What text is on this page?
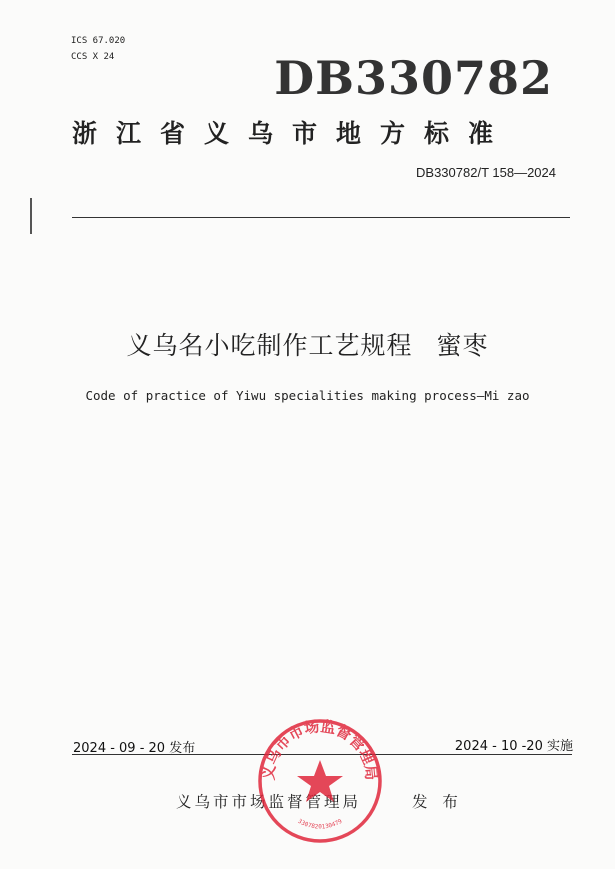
ICS 67.020
CCS X 24	DB330782
浙江省义乌市地方标准
DB330782/T 158—2024
义乌名小吃制作工艺规程 蜜枣
Code of practice of Yiwu specialities making process—Mi zao
2024 - 09 - 20 发布	2024 - 10 -20 实施
义乌市市场监督管理局	发 布
义乌市市场监督管理局
3307820130479
